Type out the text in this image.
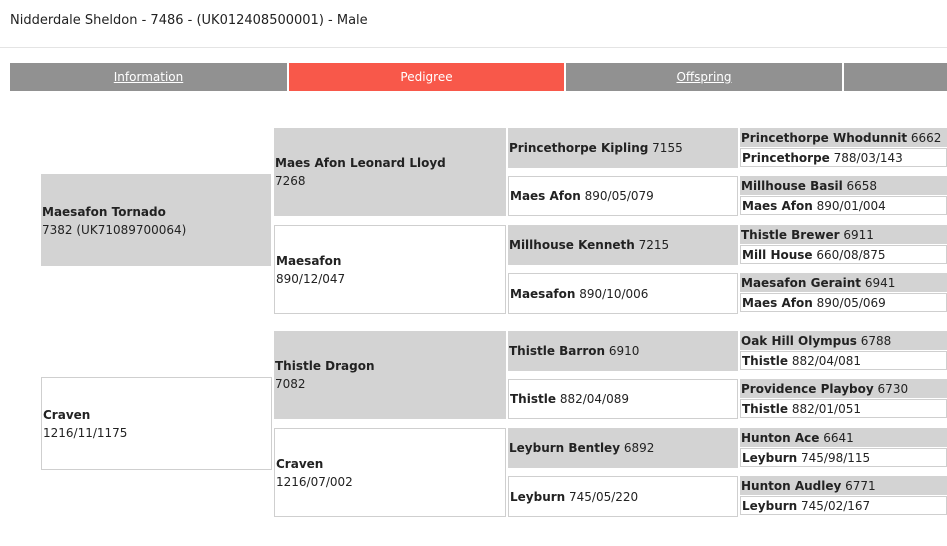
Nidderdale Sheldon - 7486 - (UK012408500001) - Male
Information	Pedigree	Offspring
Maesafon Tornado
7382 (UK71089700064)
Craven
1216/11/1175
Maes Afon Leonard Lloyd
7268
Maesafon
890/12/047
Thistle Dragon
7082
Craven
1216/07/002
Princethorpe Kipling
7155
Maes Afon
890/05/079
Millhouse Kenneth
7215
Maesafon
890/10/006
Thistle Barron
6910
Thistle
882/04/089
Leyburn Bentley
6892
Leyburn
745/05/220
Princethorpe Whodunnit
6662
Princethorpe
788/03/143
Millhouse Basil
6658
Maes Afon
890/01/004
Thistle Brewer
6911
Mill House
660/08/875
Maesafon Geraint
6941
Maes Afon
890/05/069
Oak Hill Olympus
6788
Thistle
882/04/081
Providence Playboy
6730
Thistle
882/01/051
Hunton Ace
6641
Leyburn
745/98/115
Hunton Audley
6771
Leyburn
745/02/167
